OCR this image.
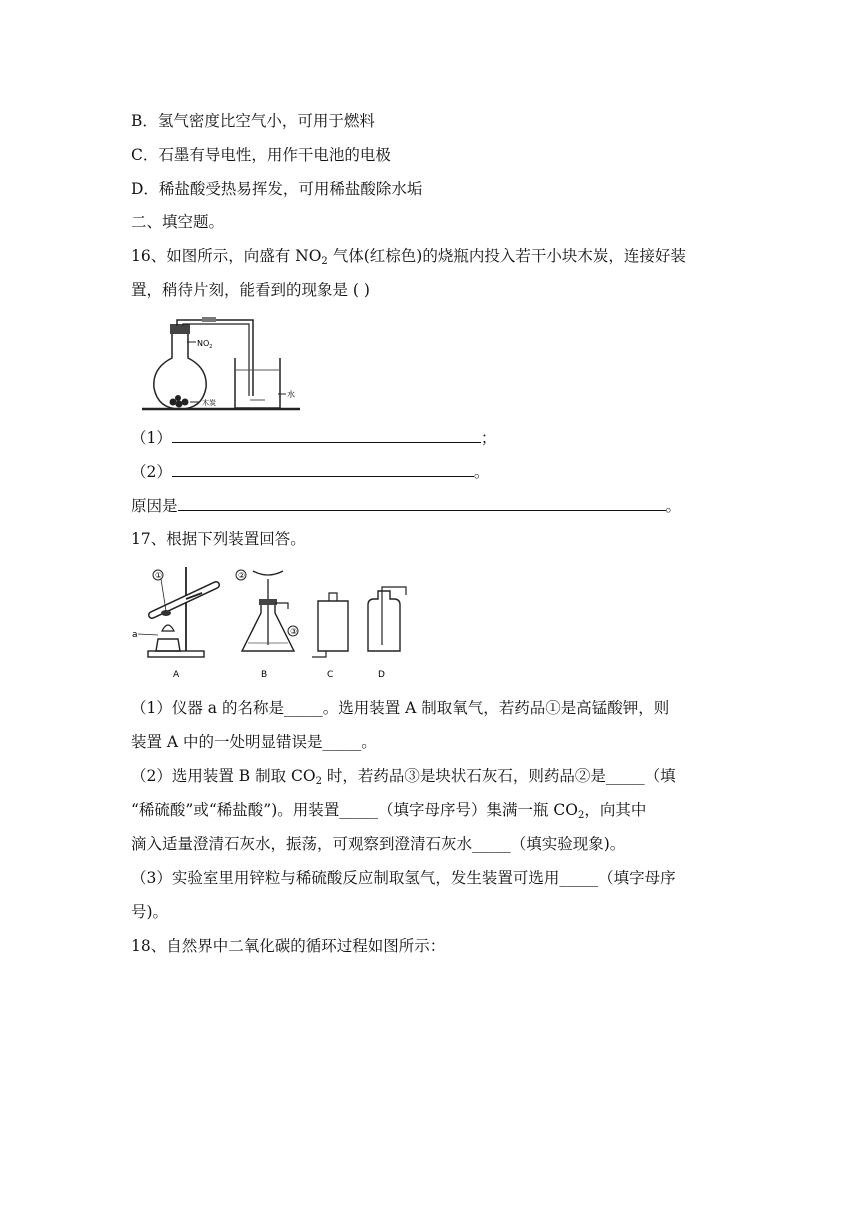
B．氢气密度比空气小，可用于燃料
C．石墨有导电性，用作干电池的电极
D．稀盐酸受热易挥发，可用稀盐酸除水垢
二、填空题。
16、如图所示，向盛有 $NO_2$ 气体(红棕色)的烧瓶内投入若干小块木炭，连接好装
置，稍待片刻，能看到的现象是 ( )
$NO_2$
木炭
水
（1）	；
（2）	。
原因是	。
17、根据下列装置回答。
①
a
A
②
③
B	C	D
（1）仪器 a 的名称是_____。选用装置 A 制取氧气，若药品①是高锰酸钾，则
装置 A 中的一处明显错误是_____。
（2）选用装置 B 制取 $CO_2$ 时，若药品③是块状石灰石，则药品②是_____（填
“稀硫酸”或“稀盐酸”)。用装置_____（填字母序号）集满一瓶 $CO_2$，向其中
滴入适量澄清石灰水，振荡，可观察到澄清石灰水_____（填实验现象)。
（3）实验室里用锌粒与稀硫酸反应制取氢气，发生装置可选用_____（填字母序
号)。
18、自然界中二氧化碳的循环过程如图所示：
